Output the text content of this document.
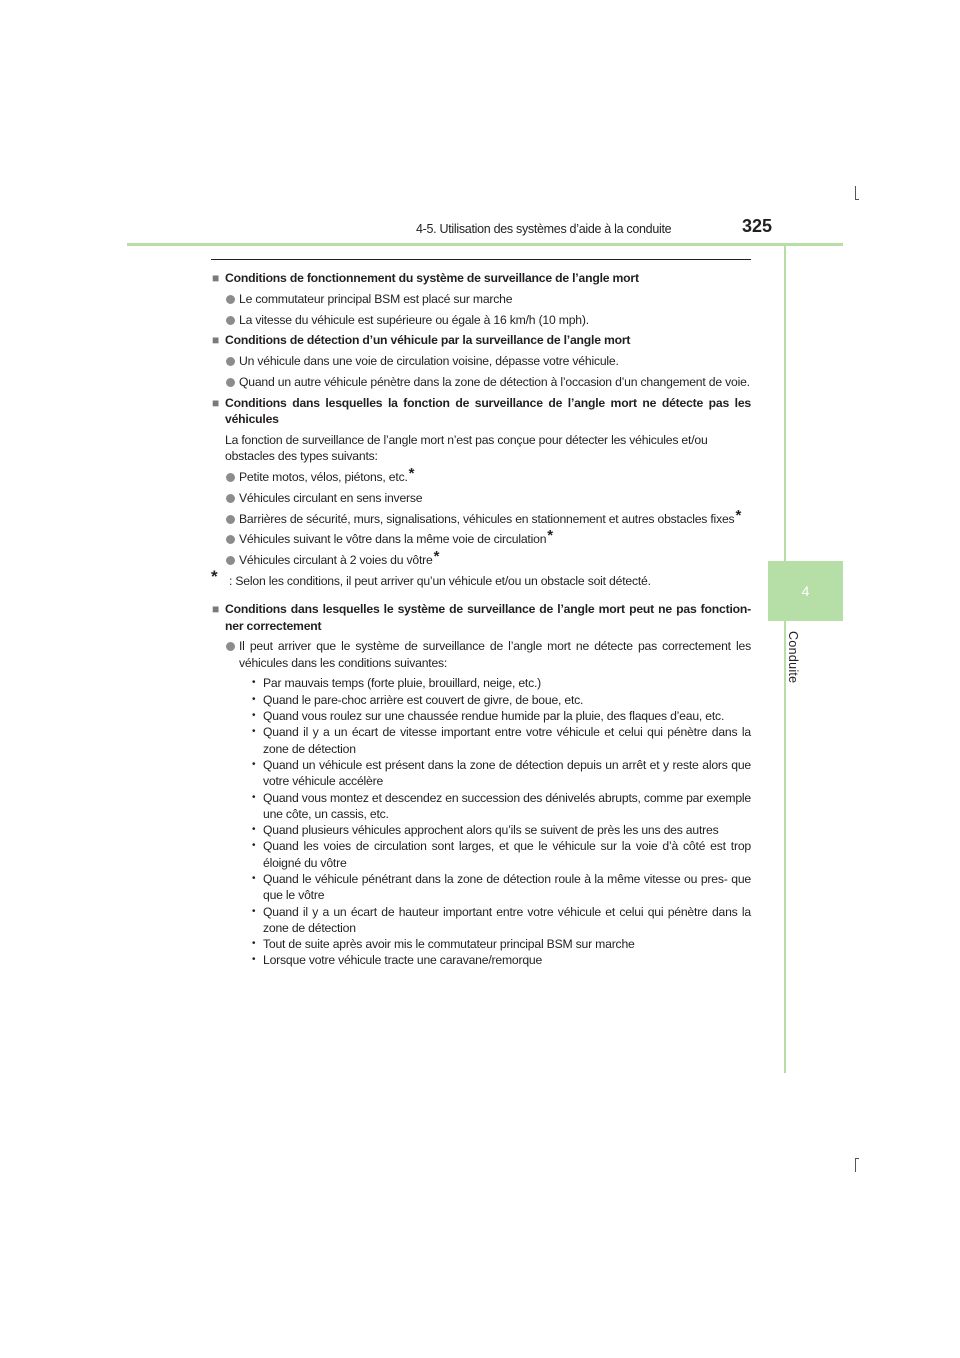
4-5. Utilisation des systèmes d’aide à la conduite	325
4
Conduite
■ Conditions de fonctionnement du système de surveillance de l’angle mort
Le commutateur principal BSM est placé sur marche
La vitesse du véhicule est supérieure ou égale à 16 km/h (10 mph).
■ Conditions de détection d’un véhicule par la surveillance de l’angle mort
Un véhicule dans une voie de circulation voisine, dépasse votre véhicule.
Quand un autre véhicule pénètre dans la zone de détection à l’occasion d’un changement de voie.
■ Conditions dans lesquelles la fonction de surveillance de l’angle mort ne détecte pas les véhicules
La fonction de surveillance de l’angle mort n’est pas conçue pour détecter les véhicules et/ou obstacles des types suivants:
Petite motos, vélos, piétons, etc.*
Véhicules circulant en sens inverse
Barrières de sécurité, murs, signalisations, véhicules en stationnement et autres obstacles fixes*
Véhicules suivant le vôtre dans la même voie de circulation*
Véhicules circulant à 2 voies du vôtre*
* : Selon les conditions, il peut arriver qu’un véhicule et/ou un obstacle soit détecté.
■ Conditions dans lesquelles le système de surveillance de l’angle mort peut ne pas fonction- ner correctement
Il peut arriver que le système de surveillance de l’angle mort ne détecte pas correctement les véhicules dans les conditions suivantes:
• Par mauvais temps (forte pluie, brouillard, neige, etc.)
• Quand le pare-choc arrière est couvert de givre, de boue, etc.
• Quand vous roulez sur une chaussée rendue humide par la pluie, des flaques d’eau, etc.
• Quand il y a un écart de vitesse important entre votre véhicule et celui qui pénètre dans la zone de détection
• Quand un véhicule est présent dans la zone de détection depuis un arrêt et y reste alors que votre véhicule accélère
• Quand vous montez et descendez en succession des dénivelés abrupts, comme par exemple une côte, un cassis, etc.
• Quand plusieurs véhicules approchent alors qu’ils se suivent de près les uns des autres
• Quand les voies de circulation sont larges, et que le véhicule sur la voie d’à côté est trop éloigné du vôtre
• Quand le véhicule pénétrant dans la zone de détection roule à la même vitesse ou pres- que que le vôtre
• Quand il y a un écart de hauteur important entre votre véhicule et celui qui pénètre dans la zone de détection
• Tout de suite après avoir mis le commutateur principal BSM sur marche
• Lorsque votre véhicule tracte une caravane/remorque
